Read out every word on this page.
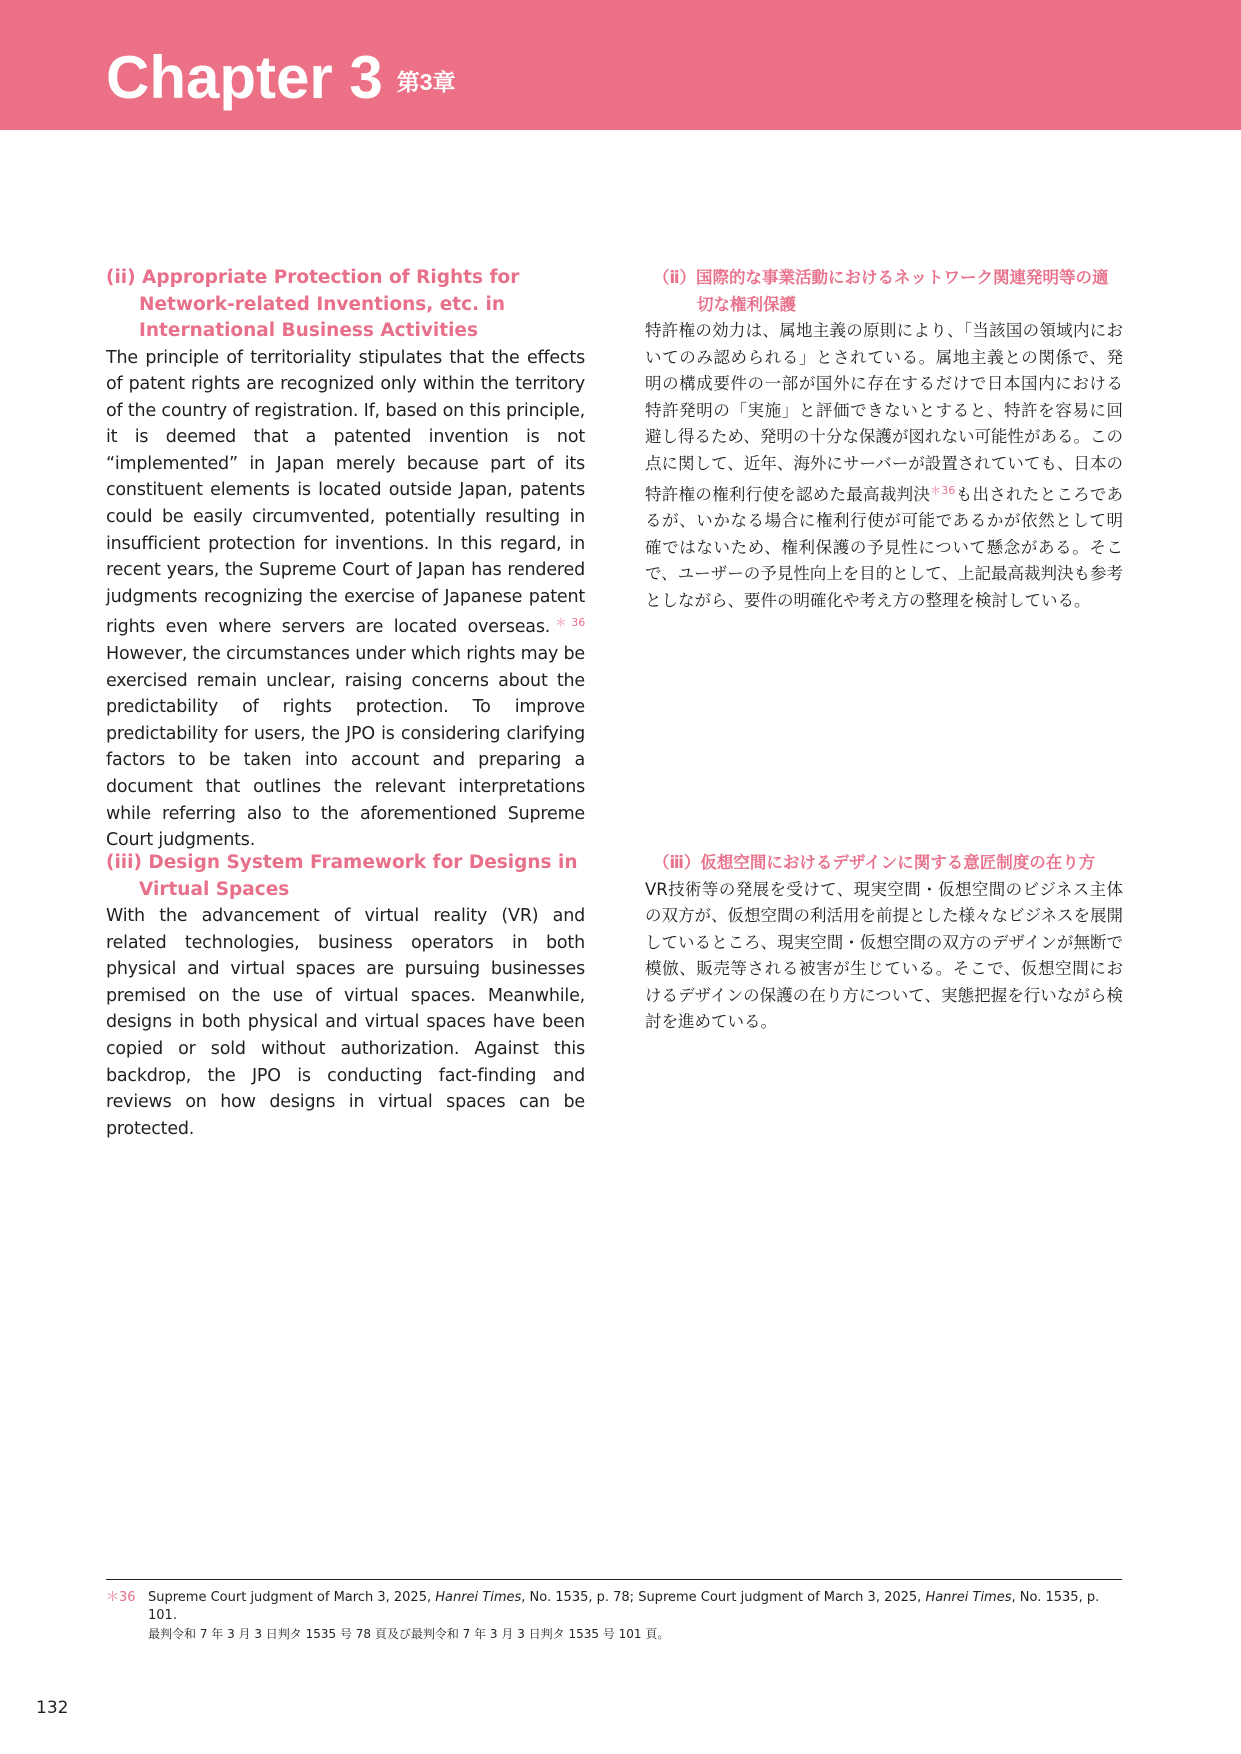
Chapter 3 第3章

(ii) Appropriate Protection of Rights for Network-related Inventions, etc. in International Business Activities

The principle of territoriality stipulates that the effects of patent rights are recognized only within the territory of the country of registration. If, based on this principle, it is deemed that a patented invention is not “implemented” in Japan merely because part of its constituent elements is located outside Japan, patents could be easily circumvented, potentially resulting in insufficient protection for inventions. In this regard, in recent years, the Supreme Court of Japan has rendered judgments recognizing the exercise of Japanese patent rights even where servers are located overseas.$^{*36}$ However, the circumstances under which rights may be exercised remain unclear, raising concerns about the predictability of rights protection. To improve predictability for users, the JPO is considering clarifying factors to be taken into account and preparing a document that outlines the relevant interpretations while referring also to the aforementioned Supreme Court judgments.

（ⅱ）国際的な事業活動におけるネットワーク関連発明等の適切な権利保護

特許権の効力は、属地主義の原則により、「当該国の領域内においてのみ認められる」とされている。属地主義との関係で、発明の構成要件の一部が国外に存在するだけで日本国内における特許発明の「実施」と評価できないとすると、特許を容易に回避し得るため、発明の十分な保護が図れない可能性がある。この点に関して、近年、海外にサーバーが設置されていても、日本の特許権の権利行使を認めた最高裁判決$^{*36}$も出されたところであるが、いかなる場合に権利行使が可能であるかが依然として明確ではないため、権利保護の予見性について懸念がある。そこで、ユーザーの予見性向上を目的として、上記最高裁判決も参考としながら、要件の明確化や考え方の整理を検討している。

(iii) Design System Framework for Designs in Virtual Spaces

With the advancement of virtual reality (VR) and related technologies, business operators in both physical and virtual spaces are pursuing businesses premised on the use of virtual spaces. Meanwhile, designs in both physical and virtual spaces have been copied or sold without authorization. Against this backdrop, the JPO is conducting fact-finding and reviews on how designs in virtual spaces can be protected.

（ⅲ）仮想空間におけるデザインに関する意匠制度の在り方

VR技術等の発展を受けて、現実空間・仮想空間のビジネス主体の双方が、仮想空間の利活用を前提とした様々なビジネスを展開しているところ、現実空間・仮想空間の双方のデザインが無断で模倣、販売等される被害が生じている。そこで、仮想空間におけるデザインの保護の在り方について、実態把握を行いながら検討を進めている。

＊36 Supreme Court judgment of March 3, 2025, Hanrei Times, No. 1535, p. 78; Supreme Court judgment of March 3, 2025, Hanrei Times, No. 1535, p. 101.
最判令和 7 年 3 月 3 日判タ 1535 号 78 頁及び最判令和 7 年 3 月 3 日判タ 1535 号 101 頁。
132
